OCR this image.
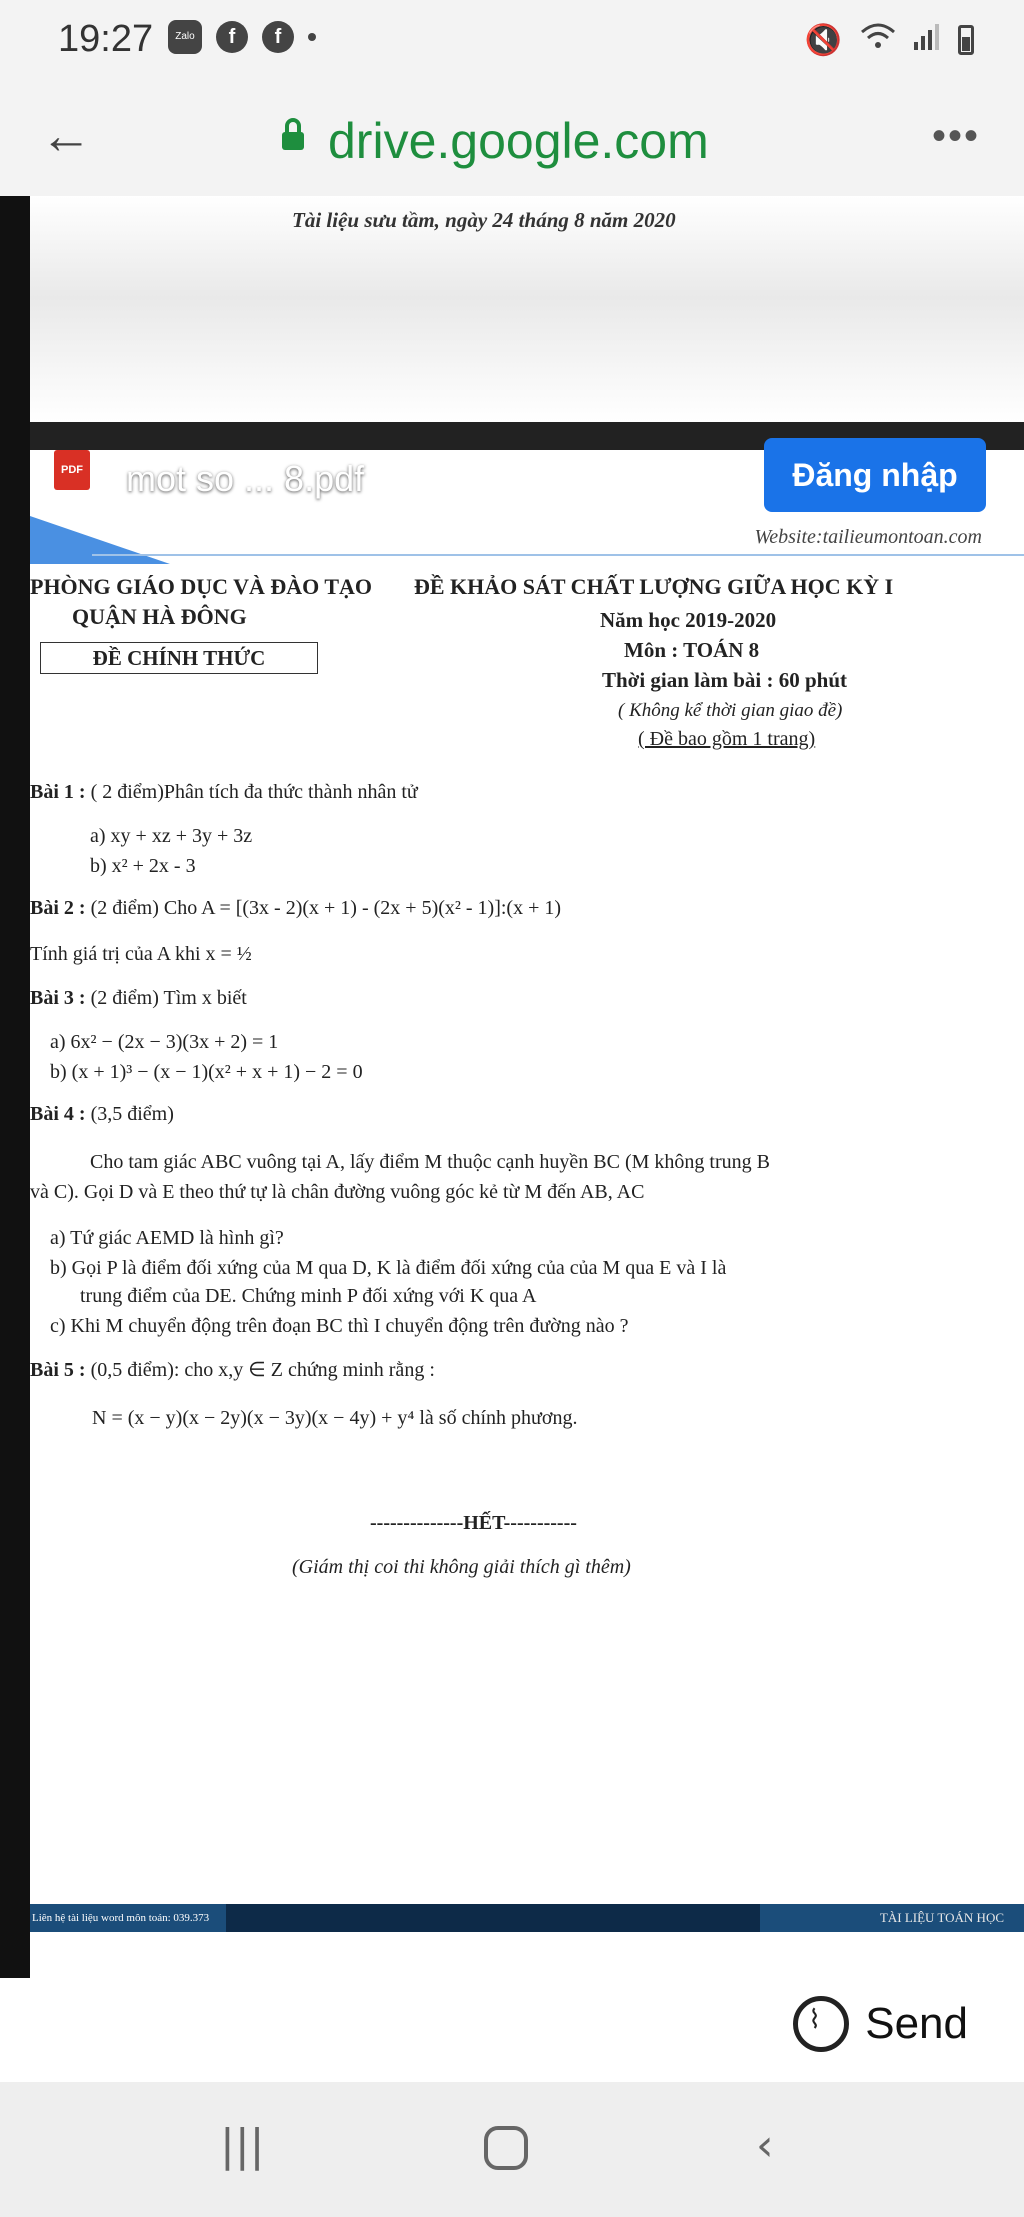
19:27	Zalo	f	f	🔇
←	drive.google.com	•••
Tài liệu sưu tầm, ngày 24 tháng 8 năm 2020
Website:tailieumontoan.com
PHÒNG GIÁO DỤC VÀ ĐÀO TẠO ĐỀ KHẢO SÁT CHẤT LƯỢNG GIỮA HỌC KỲ I
QUẬN HÀ ĐÔNG	Năm học 2019-2020
ĐỀ CHÍNH THỨC	Môn : TOÁN 8
Thời gian làm bài : 60 phút
( Không kể thời gian giao đề)
( Đề bao gồm 1 trang)
Bài 1 : ( 2 điểm)Phân tích đa thức thành nhân tử
a) xy + xz + 3y + 3z
b) x² + 2x - 3
Bài 2 : (2 điểm) Cho A = [(3x - 2)(x + 1) - (2x + 5)(x² - 1)]:(x + 1)
Tính giá trị của A khi x = ½
Bài 3 : (2 điểm) Tìm x biết
a) 6x² − (2x − 3)(3x + 2) = 1
b) (x + 1)³ − (x − 1)(x² + x + 1) − 2 = 0
Bài 4 : (3,5 điểm)
Cho tam giác ABC vuông tại A, lấy điểm M thuộc cạnh huyền BC (M không trung B
và C). Gọi D và E theo thứ tự là chân đường vuông góc kẻ từ M đến AB, AC
a) Tứ giác AEMD là hình gì?
b) Gọi P là điểm đối xứng của M qua D, K là điểm đối xứng của của M qua E và I là
trung điểm của DE. Chứng minh P đối xứng với K qua A
c) Khi M chuyển động trên đoạn BC thì I chuyển động trên đường nào ?
Bài 5 : (0,5 điểm): cho x,y ∈ Z chứng minh rằng :
N = (x − y)(x − 2y)(x − 3y)(x − 4y) + y⁴ là số chính phương.
--------------HẾT-----------
(Giám thị coi thi không giải thích gì thêm)
Liên hệ tài liệu word môn toán: 039.373	TÀI LIỆU TOÁN HỌC
PDF mot so ... 8.pdf	⤓	⋮	Đăng nhập
⌇
Send
|||	‹
